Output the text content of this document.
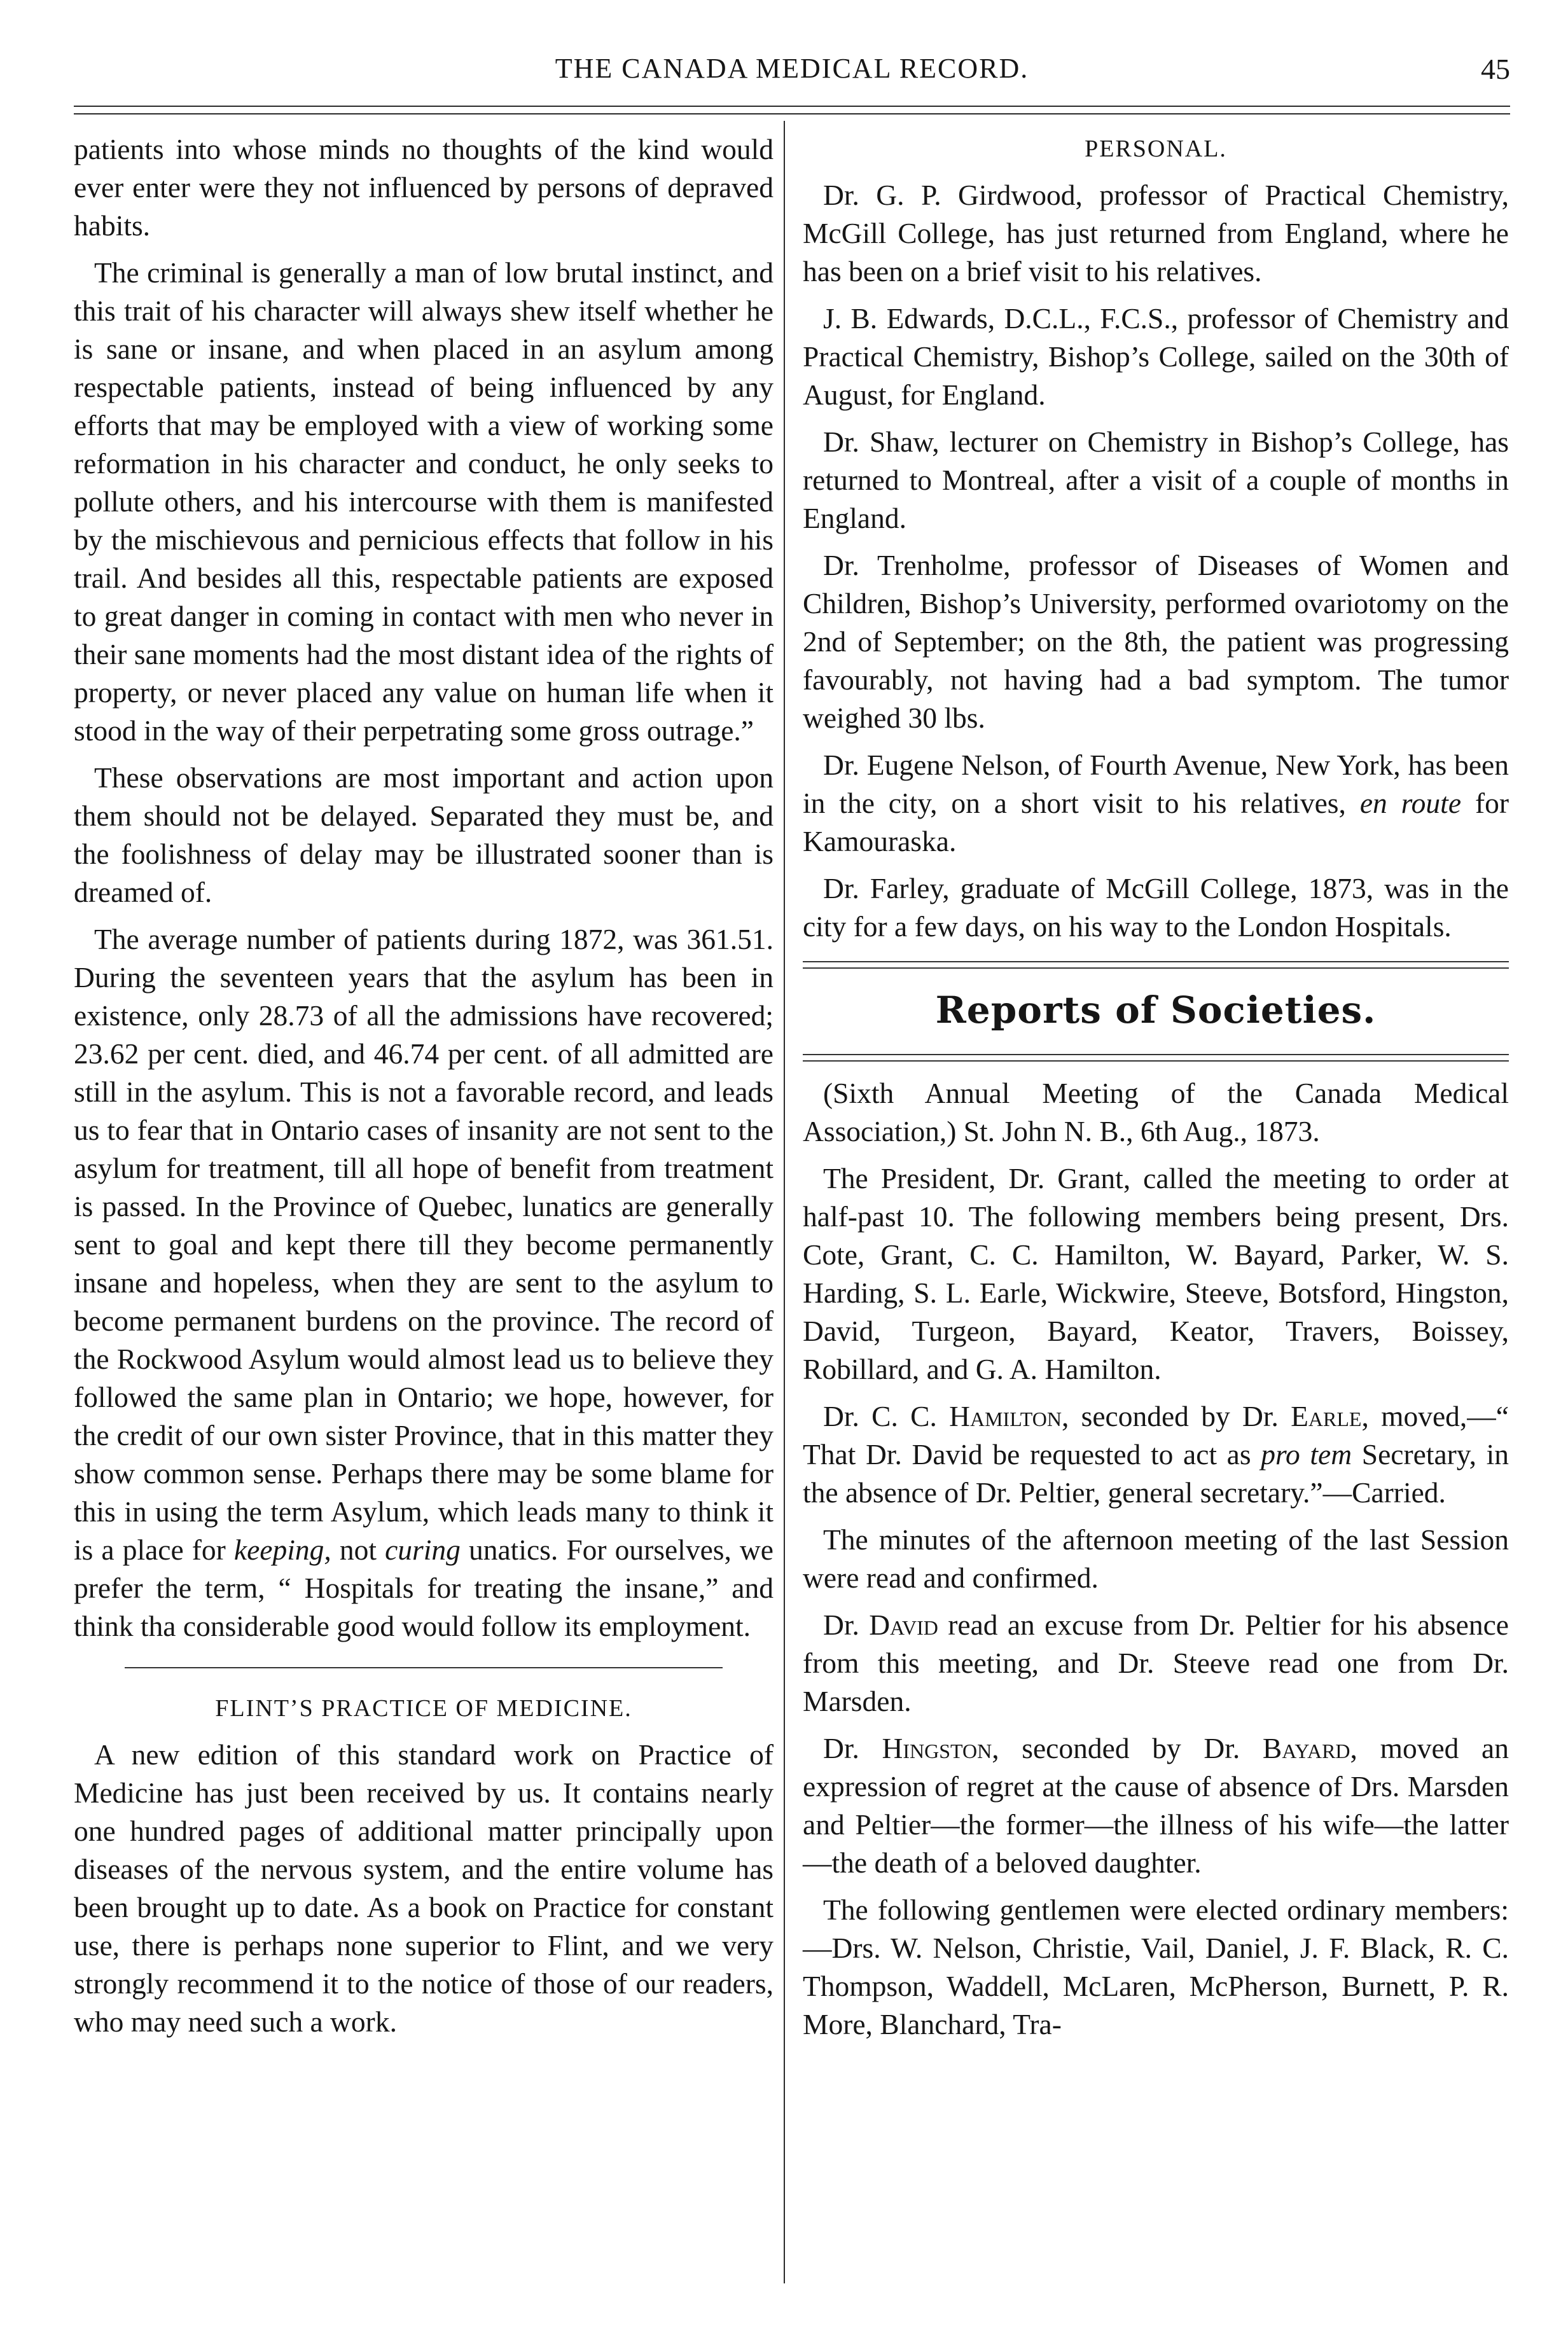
THE CANADA MEDICAL RECORD.	45

patients into whose minds no thoughts of the kind would ever enter were they not influenced by persons of depraved habits.

The criminal is generally a man of low brutal instinct, and this trait of his character will always shew itself whether he is sane or insane, and when placed in an asylum among respectable patients, instead of being influenced by any efforts that may be employed with a view of working some reformation in his character and conduct, he only seeks to pollute others, and his intercourse with them is manifested by the mischievous and pernicious effects that follow in his trail. And besides all this, respectable patients are exposed to great danger in coming in contact with men who never in their sane moments had the most distant idea of the rights of property, or never placed any value on human life when it stood in the way of their perpetrating some gross outrage.”

These observations are most important and action upon them should not be delayed. Separated they must be, and the foolishness of delay may be illustrated sooner than is dreamed of.

The average number of patients during 1872, was 361.51. During the seventeen years that the asylum has been in existence, only 28.73 of all the admissions have recovered; 23.62 per cent. died, and 46.74 per cent. of all admitted are still in the asylum. This is not a favorable record, and leads us to fear that in Ontario cases of insanity are not sent to the asylum for treatment, till all hope of benefit from treatment is passed. In the Province of Quebec, lunatics are generally sent to goal and kept there till they become permanently insane and hopeless, when they are sent to the asylum to become permanent burdens on the province. The record of the Rockwood Asylum would almost lead us to believe they followed the same plan in Ontario; we hope, however, for the credit of our own sister Province, that in this matter they show common sense. Perhaps there may be some blame for this in using the term Asylum, which leads many to think it is a place for keeping, not curing unatics. For ourselves, we prefer the term, “ Hospitals for treating the insane,” and think tha considerable good would follow its employment.

FLINT’S PRACTICE OF MEDICINE.

A new edition of this standard work on Practice of Medicine has just been received by us. It contains nearly one hundred pages of additional matter principally upon diseases of the nervous system, and the entire volume has been brought up to date. As a book on Practice for constant use, there is perhaps none superior to Flint, and we very strongly recommend it to the notice of those of our readers, who may need such a work.

PERSONAL.

Dr. G. P. Girdwood, professor of Practical Chemistry, McGill College, has just returned from England, where he has been on a brief visit to his relatives.

J. B. Edwards, D.C.L., F.C.S., professor of Chemistry and Practical Chemistry, Bishop’s College, sailed on the 30th of August, for England.

Dr. Shaw, lecturer on Chemistry in Bishop’s College, has returned to Montreal, after a visit of a couple of months in England.

Dr. Trenholme, professor of Diseases of Women and Children, Bishop’s University, performed ovariotomy on the 2nd of September; on the 8th, the patient was progressing favourably, not having had a bad symptom. The tumor weighed 30 lbs.

Dr. Eugene Nelson, of Fourth Avenue, New York, has been in the city, on a short visit to his relatives, en route for Kamouraska.

Dr. Farley, graduate of McGill College, 1873, was in the city for a few days, on his way to the London Hospitals.

Reports of Societies.

(Sixth Annual Meeting of the Canada Medical Association,) St. John N. B., 6th Aug., 1873.

The President, Dr. Grant, called the meeting to order at half-past 10. The following members being present, Drs. Cote, Grant, C. C. Hamilton, W. Bayard, Parker, W. S. Harding, S. L. Earle, Wickwire, Steeve, Botsford, Hingston, David, Turgeon, Bayard, Keator, Travers, Boissey, Robillard, and G. A. Hamilton.

Dr. C. C. Hamilton, seconded by Dr. Earle, moved,—“ That Dr. David be requested to act as pro tem Secretary, in the absence of Dr. Peltier, general secretary.”—Carried.

The minutes of the afternoon meeting of the last Session were read and confirmed.

Dr. David read an excuse from Dr. Peltier for his absence from this meeting, and Dr. Steeve read one from Dr. Marsden.

Dr. Hingston, seconded by Dr. Bayard, moved an expression of regret at the cause of absence of Drs. Marsden and Peltier—the former—the illness of his wife—the latter—the death of a beloved daughter.

The following gentlemen were elected ordinary members:—Drs. W. Nelson, Christie, Vail, Daniel, J. F. Black, R. C. Thompson, Waddell, McLaren, McPherson, Burnett, P. R. More, Blanchard, Tra-
